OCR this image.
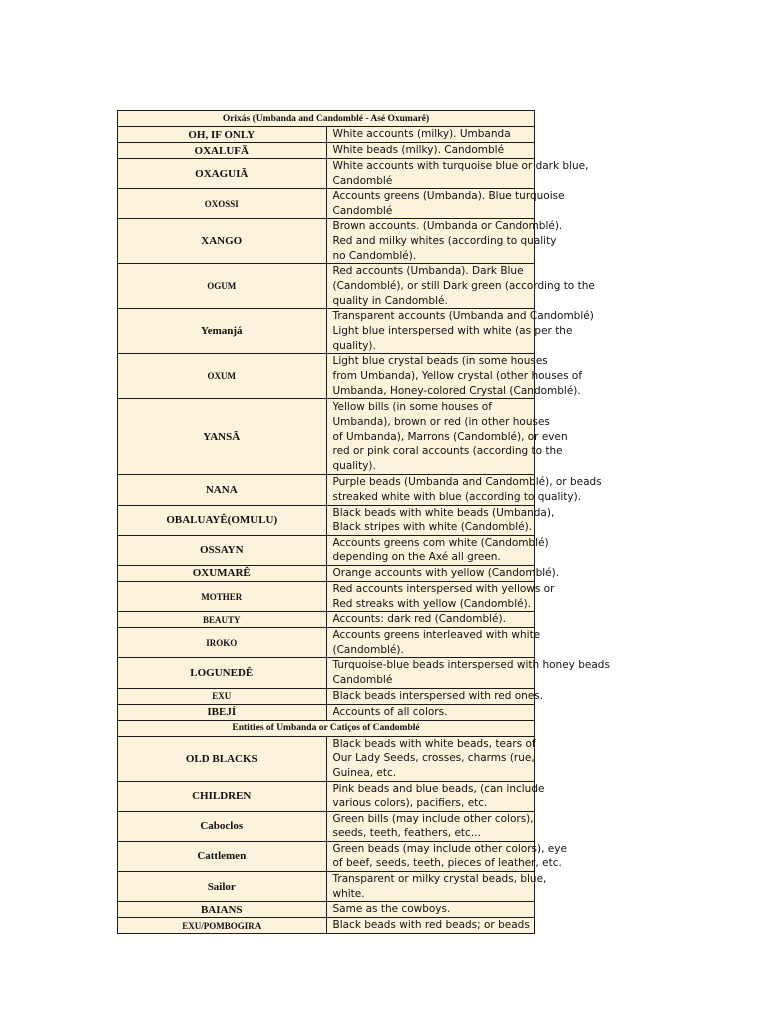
Orixás (Umbanda and Candomblé - Asé Oxumarê)	
OH, IF ONLY	White accounts (milky). Umbanda

OXALUFÃ	White beads (milky). Candomblé

OXAGUIÃ	White accounts with turquoise blue or dark blue,
Candomblé

OXOSSI	Accounts greens (Umbanda). Blue turquoise
Candomblé

XANGO	Brown accounts. (Umbanda or Candomblé).
Red and milky whites (according to quality
no Candomblé).

OGUM	Red accounts (Umbanda). Dark Blue
(Candomblé), or still Dark green (according to the
quality in Candomblé.

Yemanjá	Transparent accounts (Umbanda and Candomblé)
Light blue interspersed with white (as per the
quality).

OXUM	Light blue crystal beads (in some houses
from Umbanda), Yellow crystal (other houses of
Umbanda, Honey-colored Crystal (Candomblé).

YANSÃ	Yellow bills (in some houses of
Umbanda), brown or red (in other houses
of Umbanda), Marrons (Candomblé), or even
red or pink coral accounts (according to the
quality).

NANA	Purple beads (Umbanda and Candomblé), or beads
streaked white with blue (according to quality).

OBALUAYÊ(OMULU)	Black beads with white beads (Umbanda),
Black stripes with white (Candomblé).

OSSAYN	Accounts greens com white (Candomblé)
depending on the Axé all green.

OXUMARÊ	Orange accounts with yellow (Candomblé).

MOTHER	Red accounts interspersed with yellows or
Red streaks with yellow (Candomblé).

BEAUTY	Accounts: dark red (Candomblé).

IROKO	Accounts greens interleaved with white
(Candomblé).

LOGUNEDÊ	Turquoise-blue beads interspersed with honey beads
Candomblé

EXU	Black beads interspersed with red ones.

IBEJÍ	Accounts of all colors.

Entities of Umbanda or Catiços of Candomblé	
OLD BLACKS	Black beads with white beads, tears of
Our Lady Seeds, crosses, charms (rue,
Guinea, etc.

CHILDREN	Pink beads and blue beads, (can include
various colors), pacifiers, etc.

Caboclos	Green bills (may include other colors),
seeds, teeth, feathers, etc...

Cattlemen	Green beads (may include other colors), eye
of beef, seeds, teeth, pieces of leather, etc.

Sailor	Transparent or milky crystal beads, blue,
white.

BAIANS	Same as the cowboys.

EXU/POMBOGIRA	Black beads with red beads; or beads
